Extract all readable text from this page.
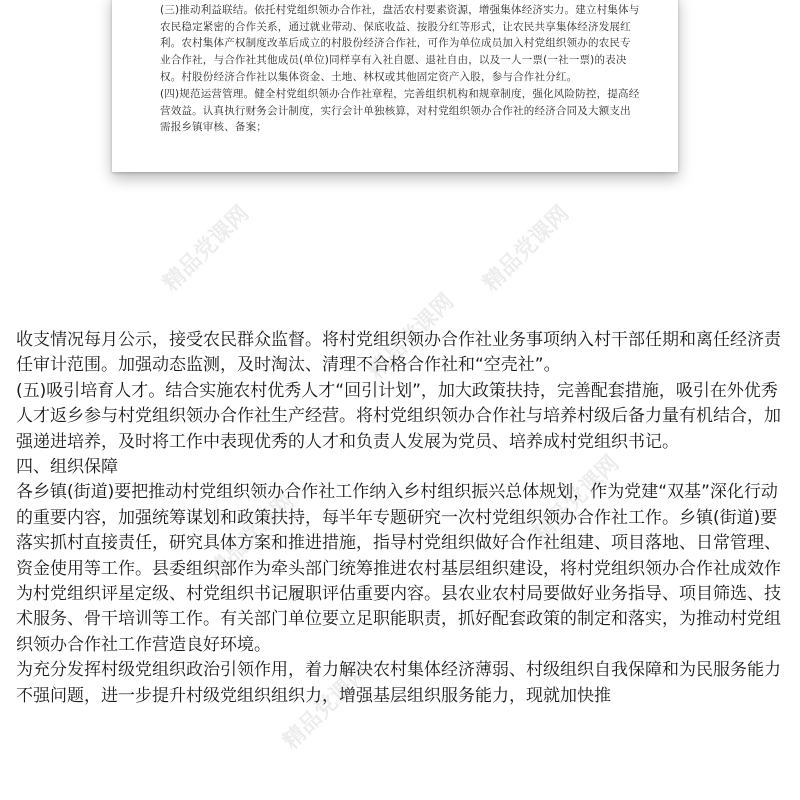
(三)推动利益联结。依托村党组织领办合作社，盘活农村要素资源，增强集体经济实力。建立村集体与农民稳定紧密的合作关系，通过就业带动、保底收益、按股分红等形式，让农民共享集体经济发展红利。农村集体产权制度改革后成立的村股份经济合作社，可作为单位成员加入村党组织领办的农民专业合作社，与合作社其他成员(单位)同样享有入社自愿、退社自由，以及一人一票(一社一票)的表决权。村股份经济合作社以集体资金、土地、林权或其他固定资产入股，参与合作社分红。

(四)规范运营管理。健全村党组织领办合作社章程，完善组织机构和规章制度，强化风险防控，提高经营效益。认真执行财务会计制度，实行会计单独核算，对村党组织领办合作社的经济合同及大额支出需报乡镇审核、备案；

精品党课网	精品党课网
精品党课网
精品党课网
精品党课网
精品党课网

收支情况每月公示，接受农民群众监督。将村党组织领办合作社业务事项纳入村干部任期和离任经济责任审计范围。加强动态监测，及时淘汰、清理不合格合作社和“空壳社”。

(五)吸引培育人才。结合实施农村优秀人才“回引计划”，加大政策扶持，完善配套措施，吸引在外优秀人才返乡参与村党组织领办合作社生产经营。将村党组织领办合作社与培养村级后备力量有机结合，加强递进培养，及时将工作中表现优秀的人才和负责人发展为党员、培养成村党组织书记。

四、组织保障

各乡镇(街道)要把推动村党组织领办合作社工作纳入乡村组织振兴总体规划，作为党建“双基”深化行动的重要内容，加强统筹谋划和政策扶持，每半年专题研究一次村党组织领办合作社工作。乡镇(街道)要落实抓村直接责任，研究具体方案和推进措施，指导村党组织做好合作社组建、项目落地、日常管理、资金使用等工作。县委组织部作为牵头部门统筹推进农村基层组织建设，将村党组织领办合作社成效作为村党组织评星定级、村党组织书记履职评估重要内容。县农业农村局要做好业务指导、项目筛选、技术服务、骨干培训等工作。有关部门单位要立足职能职责，抓好配套政策的制定和落实，为推动村党组织领办合作社工作营造良好环境。

为充分发挥村级党组织政治引领作用，着力解决农村集体经济薄弱、村级组织自我保障和为民服务能力不强问题，进一步提升村级党组织组织力，增强基层组织服务能力，现就加快推
